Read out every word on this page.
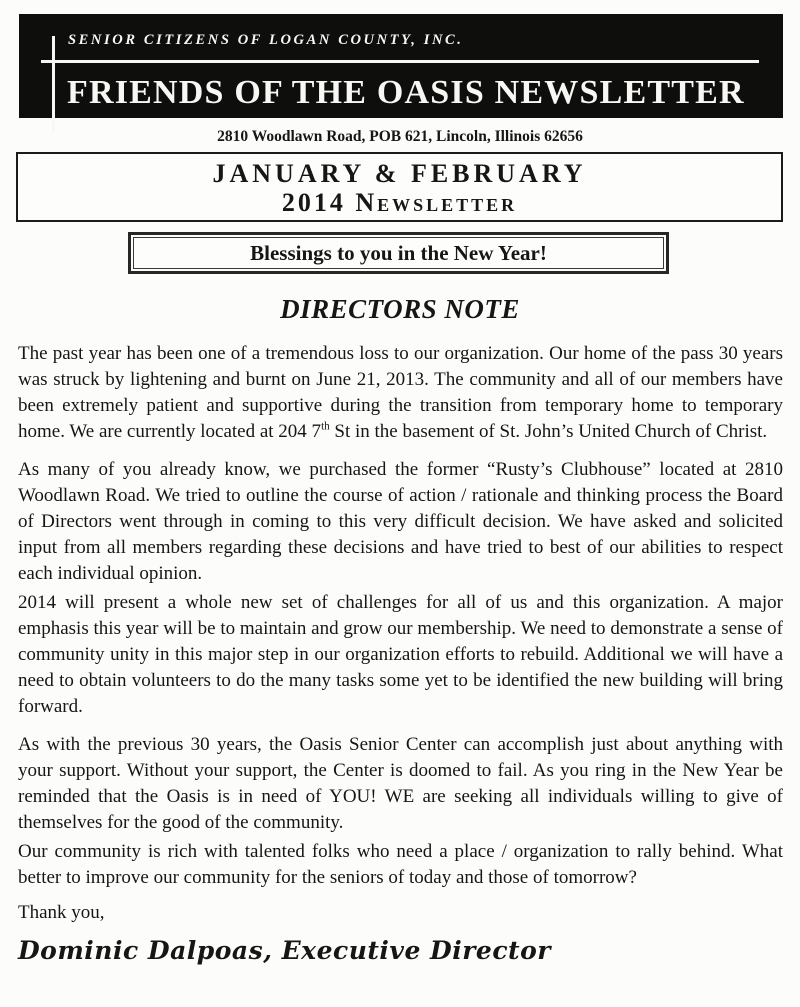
SENIOR CITIZENS OF LOGAN COUNTY, INC.
FRIENDS OF THE OASIS NEWSLETTER
2810 Woodlawn Road, POB 621, Lincoln, Illinois 62656
JANUARY & FEBRUARY
2014 Newsletter
Blessings to you in the New Year!
DIRECTORS NOTE

The past year has been one of a tremendous loss to our organization. Our home of the pass 30 years was struck by lightening and burnt on June 21, 2013. The community and all of our members have been extremely patient and supportive during the transition from temporary home to temporary home. We are currently located at 204 7th St in the basement of St. John’s United Church of Christ.

As many of you already know, we purchased the former “Rusty’s Clubhouse” located at 2810 Woodlawn Road. We tried to outline the course of action / rationale and thinking process the Board of Directors went through in coming to this very difficult decision. We have asked and solicited input from all members regarding these decisions and have tried to best of our abilities to respect each individual opinion.

2014 will present a whole new set of challenges for all of us and this organization. A major emphasis this year will be to maintain and grow our membership. We need to demonstrate a sense of community unity in this major step in our organization efforts to rebuild. Additional we will have a need to obtain volunteers to do the many tasks some yet to be identified the new building will bring forward.

As with the previous 30 years, the Oasis Senior Center can accomplish just about anything with your support. Without your support, the Center is doomed to fail. As you ring in the New Year be reminded that the Oasis is in need of YOU! WE are seeking all individuals willing to give of themselves for the good of the community.

Our community is rich with talented folks who need a place / organization to rally behind. What better to improve our community for the seniors of today and those of tomorrow?

Thank you,

Dominic Dalpoas, Executive Director
